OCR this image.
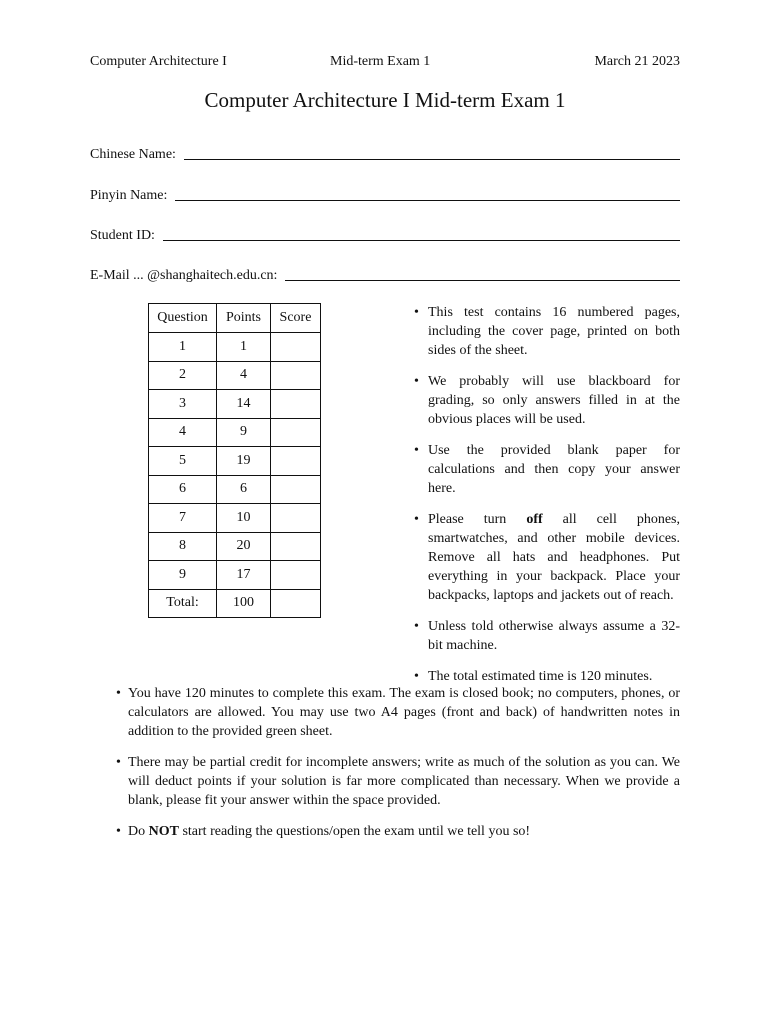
Computer Architecture I	Mid-term Exam 1	March 21 2023
Computer Architecture I Mid-term Exam 1
Chinese Name:
Pinyin Name:
Student ID:
E-Mail ... @shanghaitech.edu.cn:
Question	Points	Score
1	1	
2	4	
3	14	
4	9	
5	19	
6	6	
7	10	
8	20	
9	17	
Total:	100	
• This test contains 16 numbered pages, including the cover page, printed on both sides of the sheet.
• We probably will use blackboard for grading, so only answers filled in at the obvious places will be used.
• Use the provided blank paper for calculations and then copy your answer here.
• Please turn off all cell phones, smartwatches, and other mobile devices. Remove all hats and headphones. Put everything in your backpack. Place your backpacks, laptops and jackets out of reach.
• Unless told otherwise always assume a 32-bit machine.
• The total estimated time is 120 minutes.
• You have 120 minutes to complete this exam. The exam is closed book; no computers, phones, or calculators are allowed. You may use two A4 pages (front and back) of handwritten notes in addition to the provided green sheet.
• There may be partial credit for incomplete answers; write as much of the solution as you can. We will deduct points if your solution is far more complicated than necessary. When we provide a blank, please fit your answer within the space provided.
• Do NOT start reading the questions/open the exam until we tell you so!
